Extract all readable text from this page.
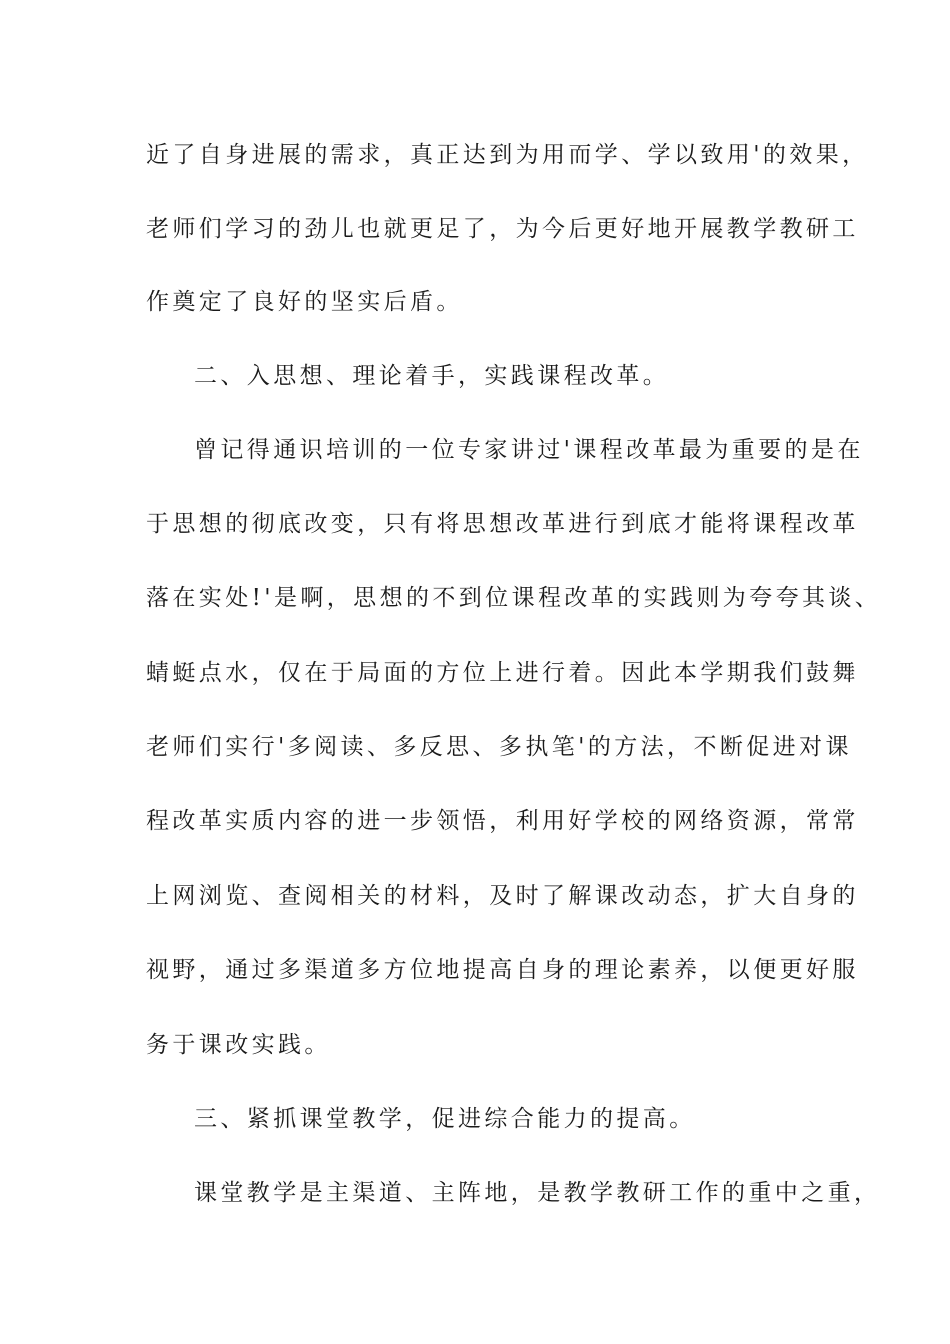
近了自身进展的需求，真正达到为用而学、学以致用'的效果，
老师们学习的劲儿也就更足了，为今后更好地开展教学教研工
作奠定了良好的坚实后盾。
二、入思想、理论着手，实践课程改革。
曾记得通识培训的一位专家讲过'课程改革最为重要的是在
于思想的彻底改变，只有将思想改革进行到底才能将课程改革
落在实处!'是啊，思想的不到位课程改革的实践则为夸夸其谈、
蜻蜓点水，仅在于局面的方位上进行着。因此本学期我们鼓舞
老师们实行'多阅读、多反思、多执笔'的方法，不断促进对课
程改革实质内容的进一步领悟，利用好学校的网络资源，常常
上网浏览、查阅相关的材料，及时了解课改动态，扩大自身的
视野，通过多渠道多方位地提高自身的理论素养，以便更好服
务于课改实践。
三、紧抓课堂教学，促进综合能力的提高。
课堂教学是主渠道、主阵地，是教学教研工作的重中之重，
